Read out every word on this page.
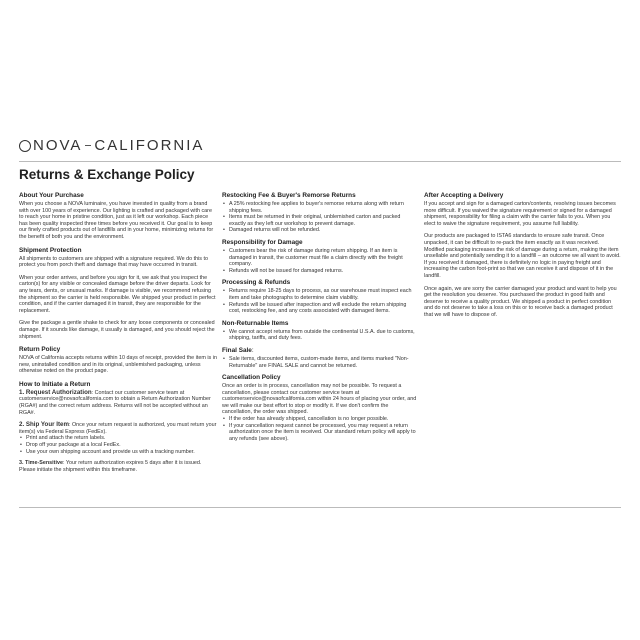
NOVA CALIFORNIA
Returns & Exchange Policy
About Your Purchase

When you choose a NOVA luminaire, you have invested in quality from a brand with over 100 years of experience. Our lighting is crafted and packaged with care to reach your home in pristine condition, just as it left our workshop. Each piece has been quality inspected three times before you received it. Our goal is to keep our finely crafted products out of landfills and in your home, minimizing returns for the benefit of both you and the environment.

Shipment Protection

All shipments to customers are shipped with a signature required. We do this to protect you from porch theft and damage that may have occurred in transit.

When your order arrives, and before you sign for it, we ask that you inspect the carton(s) for any visible or concealed damage before the driver departs. Look for any tears, dents, or unusual marks. If damage is visible, we recommend refusing the shipment so the carrier is held responsible. We shipped your product in perfect condition, and if the carrier damaged it in transit, they are responsible for the replacement.

Give the package a gentle shake to check for any loose components or concealed damage. If it sounds like damage, it usually is damaged, and you should reject the shipment.

Return Policy

NOVA of California accepts returns within 10 days of receipt, provided the item is in new, uninstalled condition and in its original, unblemished packaging, unless otherwise noted on the product page.

How to Initiate a Return

1. Request Authorization: Contact our customer service team at customerservice@novaofcalifornia.com to obtain a Return Authorization Number (RGA#) and the correct return address. Returns will not be accepted without an RGA#.

2. Ship Your Item: Once your return request is authorized, you must return your item(s) via Federal Express (FedEx).

• Print and attach the return labels.
• Drop off your package at a local FedEx.
• Use your own shipping account and provide us with a tracking number.

3. Time-Sensitive: Your return authorization expires 5 days after it is issued. Please initiate the shipment within this timeframe.

Restocking Fee & Buyer's Remorse Returns
• A 25% restocking fee applies to buyer's remorse returns along with return shipping fees.
• Items must be returned in their original, unblemished carton and packed exactly as they left our workshop to prevent damage.
• Damaged returns will not be refunded.
Responsibility for Damage
• Customers bear the risk of damage during return shipping. If an item is damaged in transit, the customer must file a claim directly with the freight company.
• Refunds will not be issued for damaged returns.
Processing & Refunds
• Returns require 18-25 days to process, as our warehouse must inspect each item and take photographs to determine claim viability.
• Refunds will be issued after inspection and will exclude the return shipping cost, restocking fee, and any costs associated with damaged items.
Non-Returnable Items
• We cannot accept returns from outside the continental U.S.A. due to customs, shipping, tariffs, and duty fees.
Final Sale:
• Sale items, discounted items, custom-made items, and items marked "Non-Returnable" are FINAL SALE and cannot be returned.
Cancellation Policy

Once an order is in process, cancellation may not be possible. To request a cancellation, please contact our customer service team at customerservice@novaofcalifornia.com within 24 hours of placing your order, and we will make our best effort to stop or modify it. If we don't confirm the cancellation, the order was shipped.

• If the order has already shipped, cancellation is no longer possible.
• If your cancellation request cannot be processed, you may request a return authorization once the item is received. Our standard return policy will apply to any refunds (see above).
After Accepting a Delivery

If you accept and sign for a damaged carton/contents, resolving issues becomes more difficult. If you waived the signature requirement or signed for a damaged shipment, responsibility for filing a claim with the carrier falls to you. When you elect to waive the signature requirement, you assume full liability.

Our products are packaged to ISTA6 standards to ensure safe transit. Once unpacked, it can be difficult to re-pack the item exactly as it was received. Modified packaging increases the risk of damage during a return, making the item unsellable and potentially sending it to a landfill – an outcome we all want to avoid. If you received it damaged, there is definitely no logic in paying freight and increasing the carbon foot-print so that we can receive it and dispose of it in the landfill.

Once again, we are sorry the carrier damaged your product and want to help you get the resolution you deserve. You purchased the product in good faith and deserve to receive a quality product. We shipped a product in perfect condition and do not deserve to take a loss on this or to receive back a damaged product that we will have to dispose of.
